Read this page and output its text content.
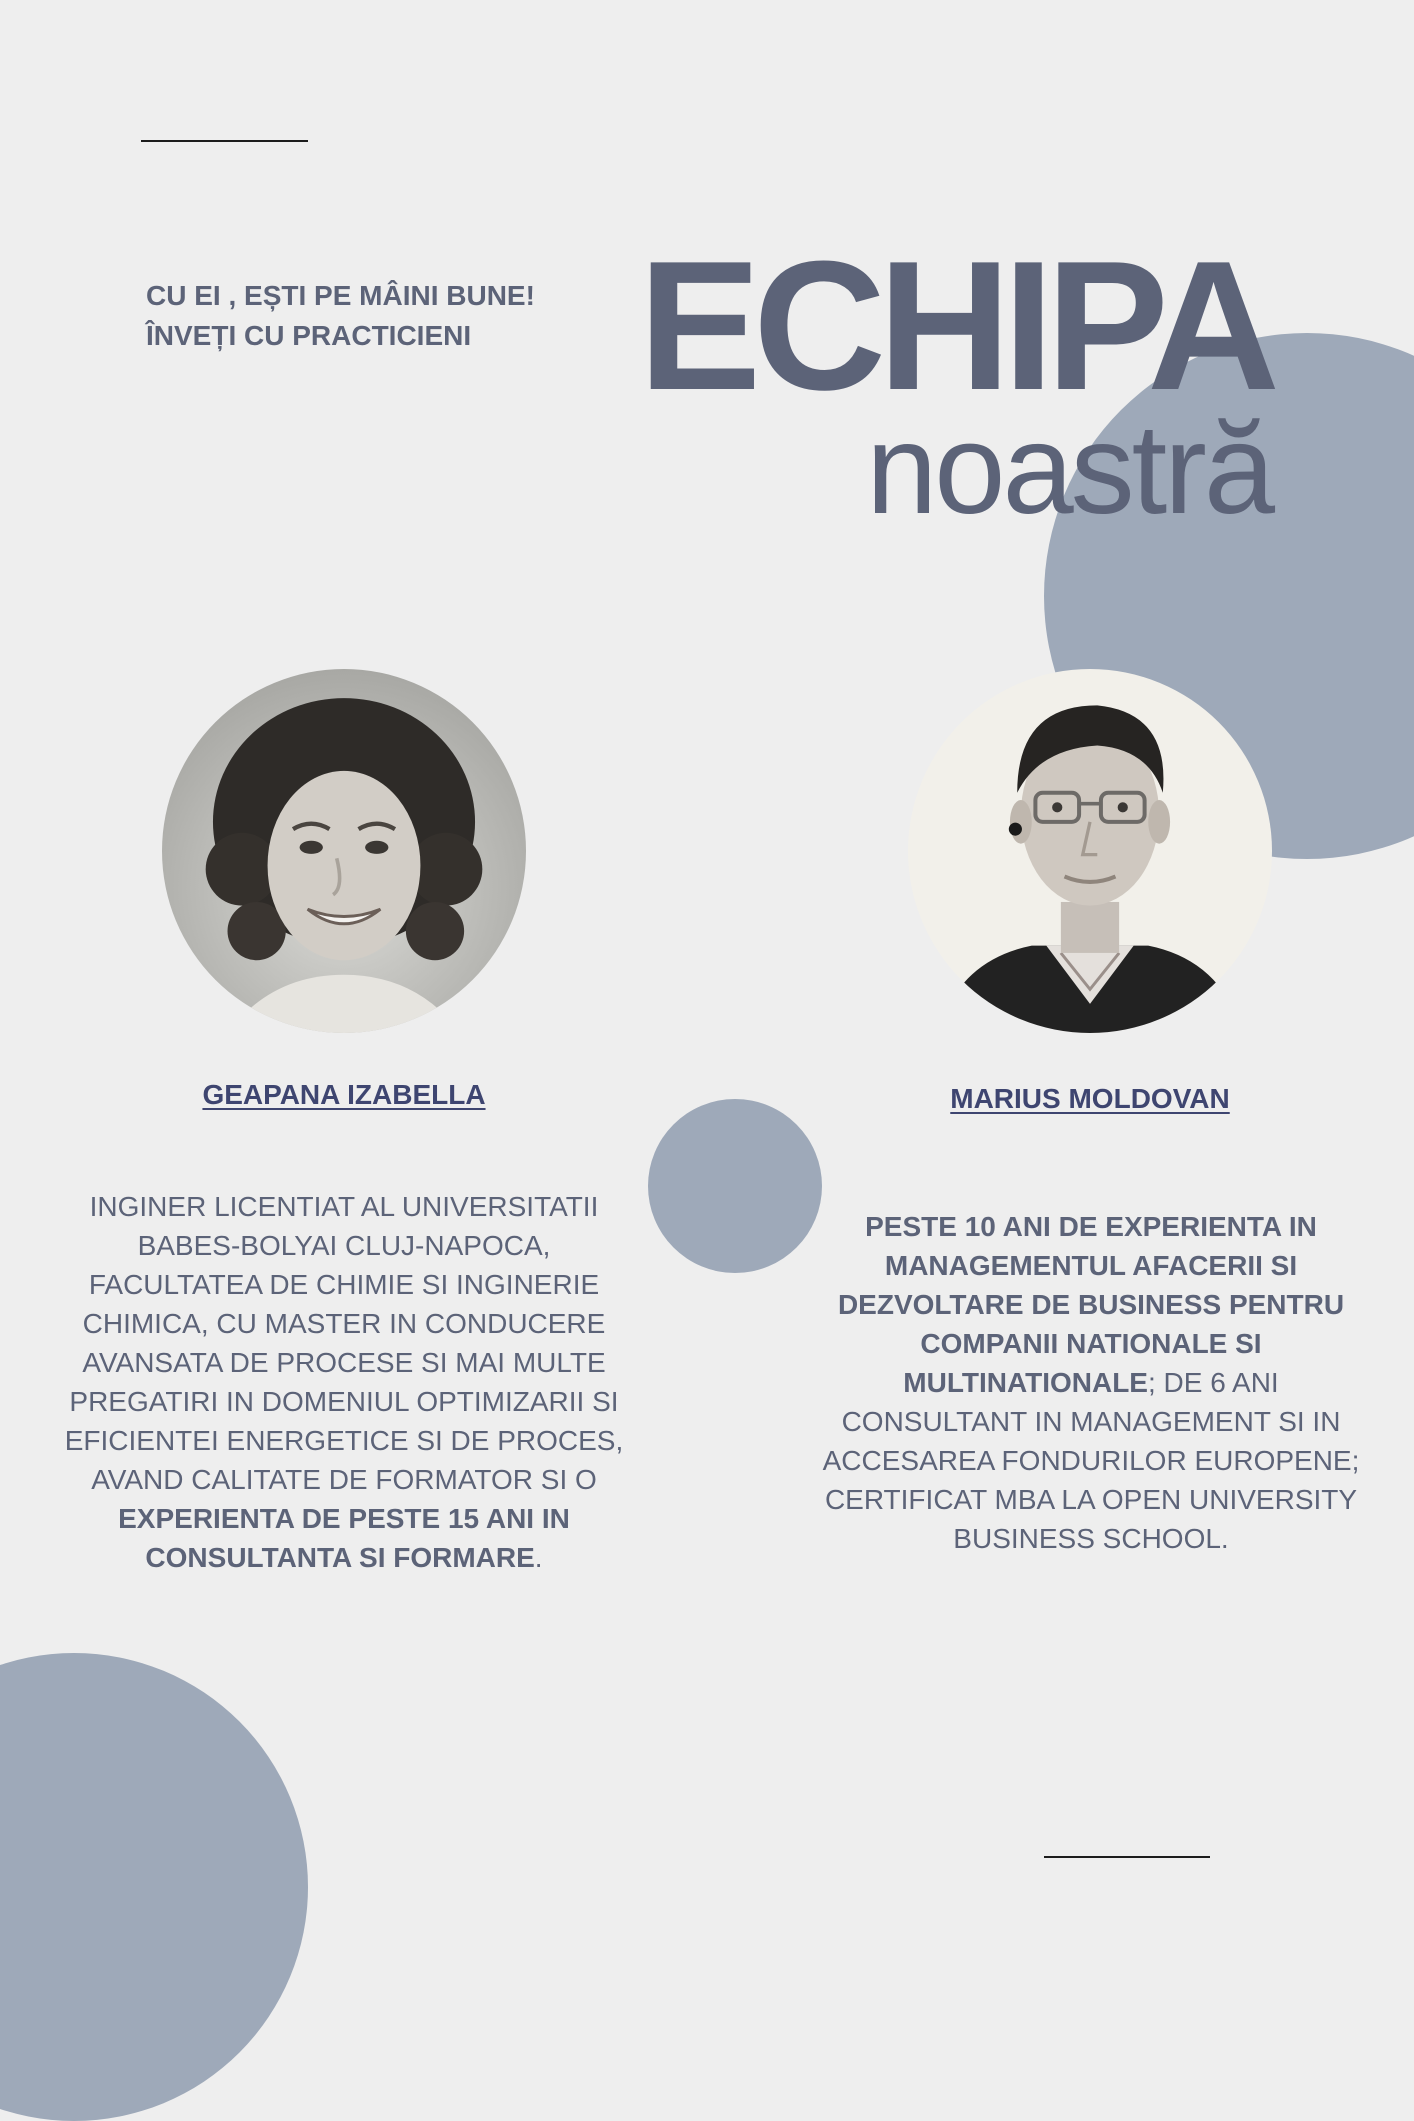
CU EI , EȘTI PE MÂINI BUNE!
ÎNVEȚI CU PRACTICIENI ECHIPA
noastră
GEAPANA IZABELLA	MARIUS MOLDOVAN
INGINER LICENTIAT AL UNIVERSITATII BABES-BOLYAI CLUJ-NAPOCA, FACULTATEA DE CHIMIE SI INGINERIE CHIMICA, CU MASTER IN CONDUCERE AVANSATA DE PROCESE SI MAI MULTE PREGATIRI IN DOMENIUL OPTIMIZARII SI EFICIENTEI ENERGETICE SI DE PROCES, AVAND CALITATE DE FORMATOR SI O EXPERIENTA DE PESTE 15 ANI IN CONSULTANTA SI FORMARE.
PESTE 10 ANI DE EXPERIENTA IN MANAGEMENTUL AFACERII SI DEZVOLTARE DE BUSINESS PENTRU COMPANII NATIONALE SI MULTINATIONALE; DE 6 ANI CONSULTANT IN MANAGEMENT SI IN ACCESAREA FONDURILOR EUROPENE; CERTIFICAT MBA LA OPEN UNIVERSITY BUSINESS SCHOOL.
